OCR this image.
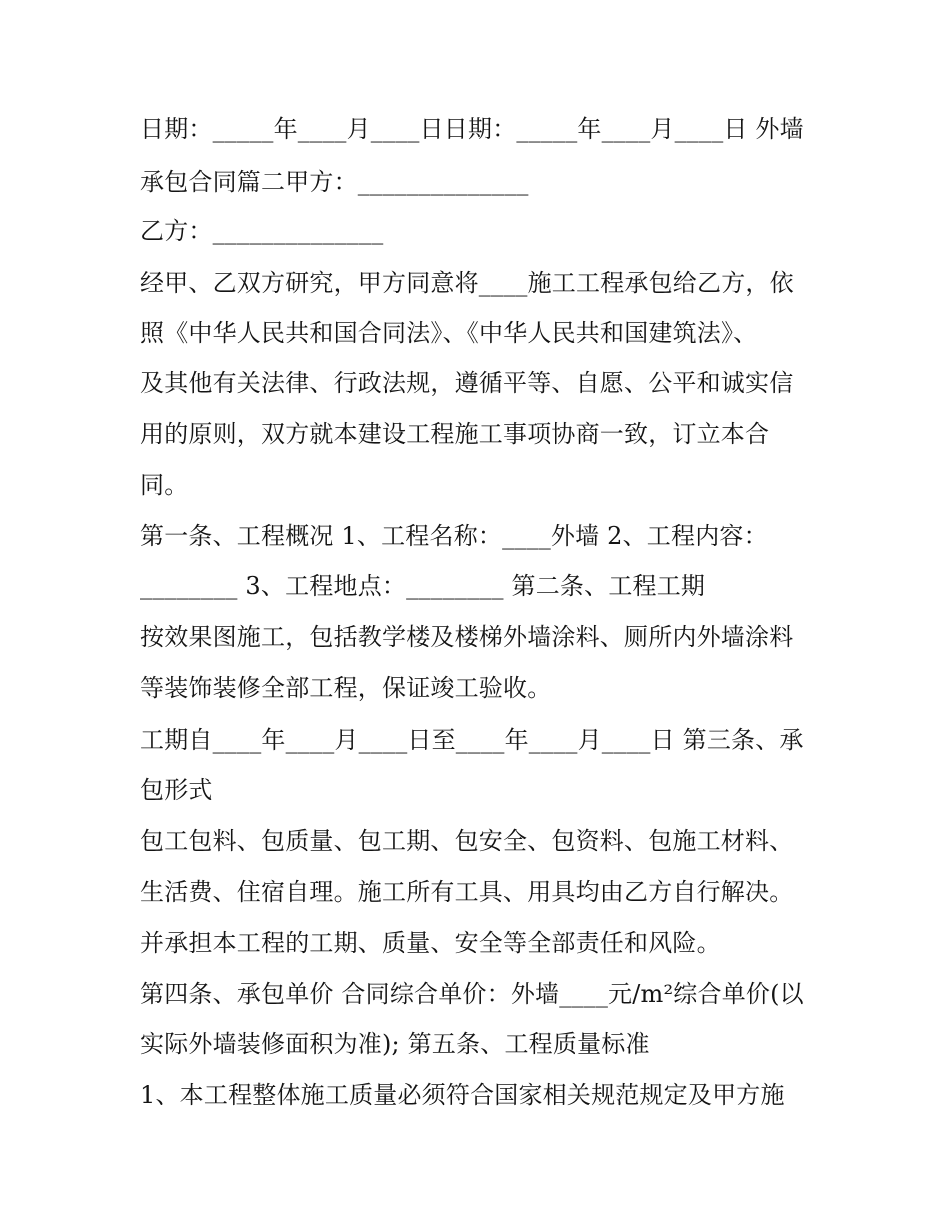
日期：_____年____月____日日期：_____年____月____日 外墙
承包合同篇二甲方：______________
乙方：______________
经甲、乙双方研究，甲方同意将____施工工程承包给乙方，依
照《中华人民共和国合同法》、《中华人民共和国建筑法》、
及其他有关法律、行政法规，遵循平等、自愿、公平和诚实信
用的原则，双方就本建设工程施工事项协商一致，订立本合
同。
第一条、工程概况 1、工程名称：____外墙 2、工程内容：
________ 3、工程地点：________ 第二条、工程工期
按效果图施工，包括教学楼及楼梯外墙涂料、厕所内外墙涂料
等装饰装修全部工程，保证竣工验收。
工期自____年____月____日至____年____月____日 第三条、承
包形式
包工包料、包质量、包工期、包安全、包资料、包施工材料、
生活费、住宿自理。施工所有工具、用具均由乙方自行解决。
并承担本工程的工期、质量、安全等全部责任和风险。
第四条、承包单价 合同综合单价：外墙____元/m²综合单价(以
实际外墙装修面积为准); 第五条、工程质量标准
1、本工程整体施工质量必须符合国家相关规范规定及甲方施
